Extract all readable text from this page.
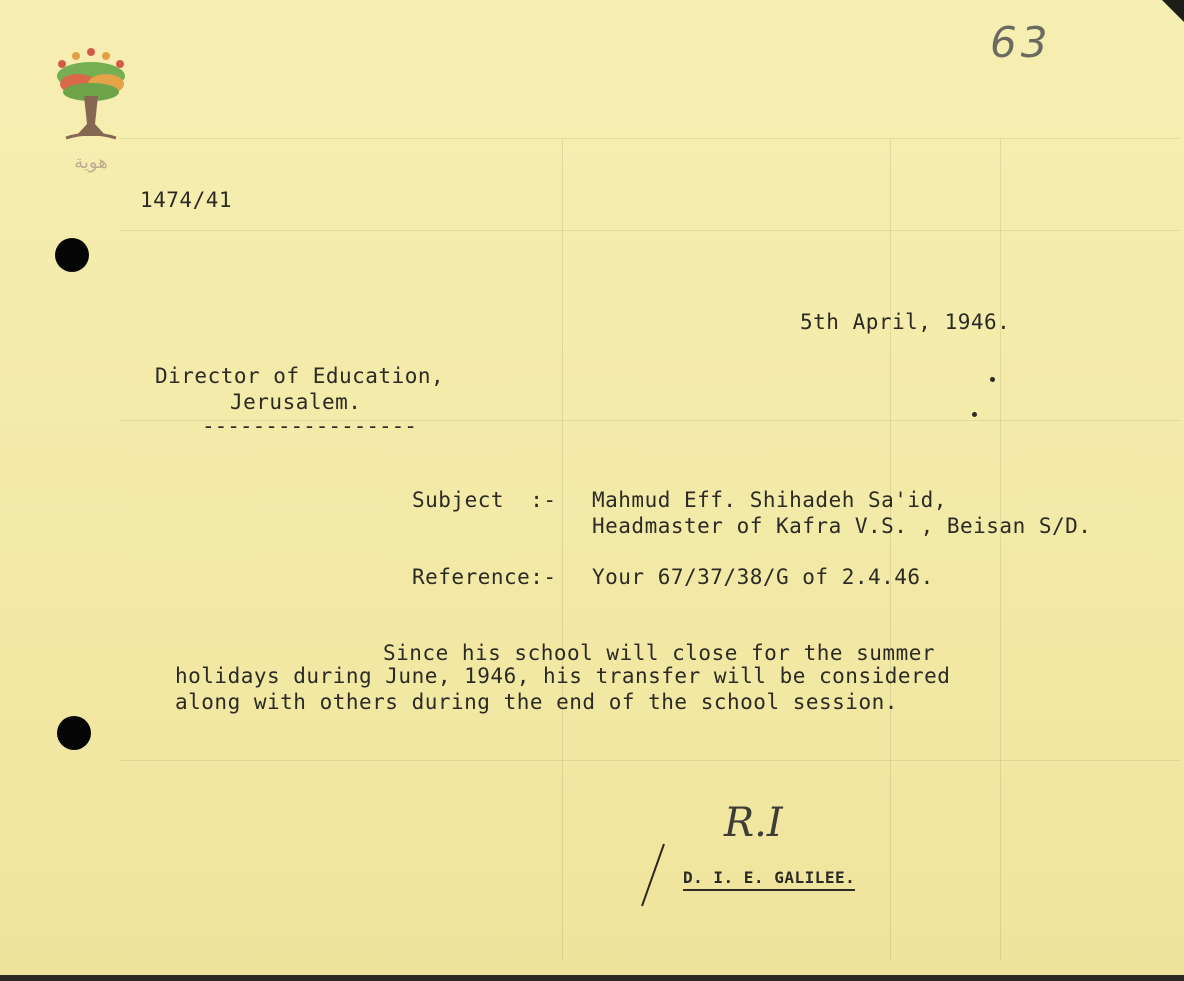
هوية
63
1474/41
5th April, 1946.
Director of Education,
Jerusalem.
-----------------
Subject  :- Mahmud Eff. Shihadeh Sa'id,
Headmaster of Kafra V.S. , Beisan S/D.
Reference:- Your 67/37/38/G of 2.4.46.
Since his school will close for the summer
holidays during June, 1946, his transfer will be considered
along with others during the end of the school session.
R.I
D. I. E. GALILEE.
